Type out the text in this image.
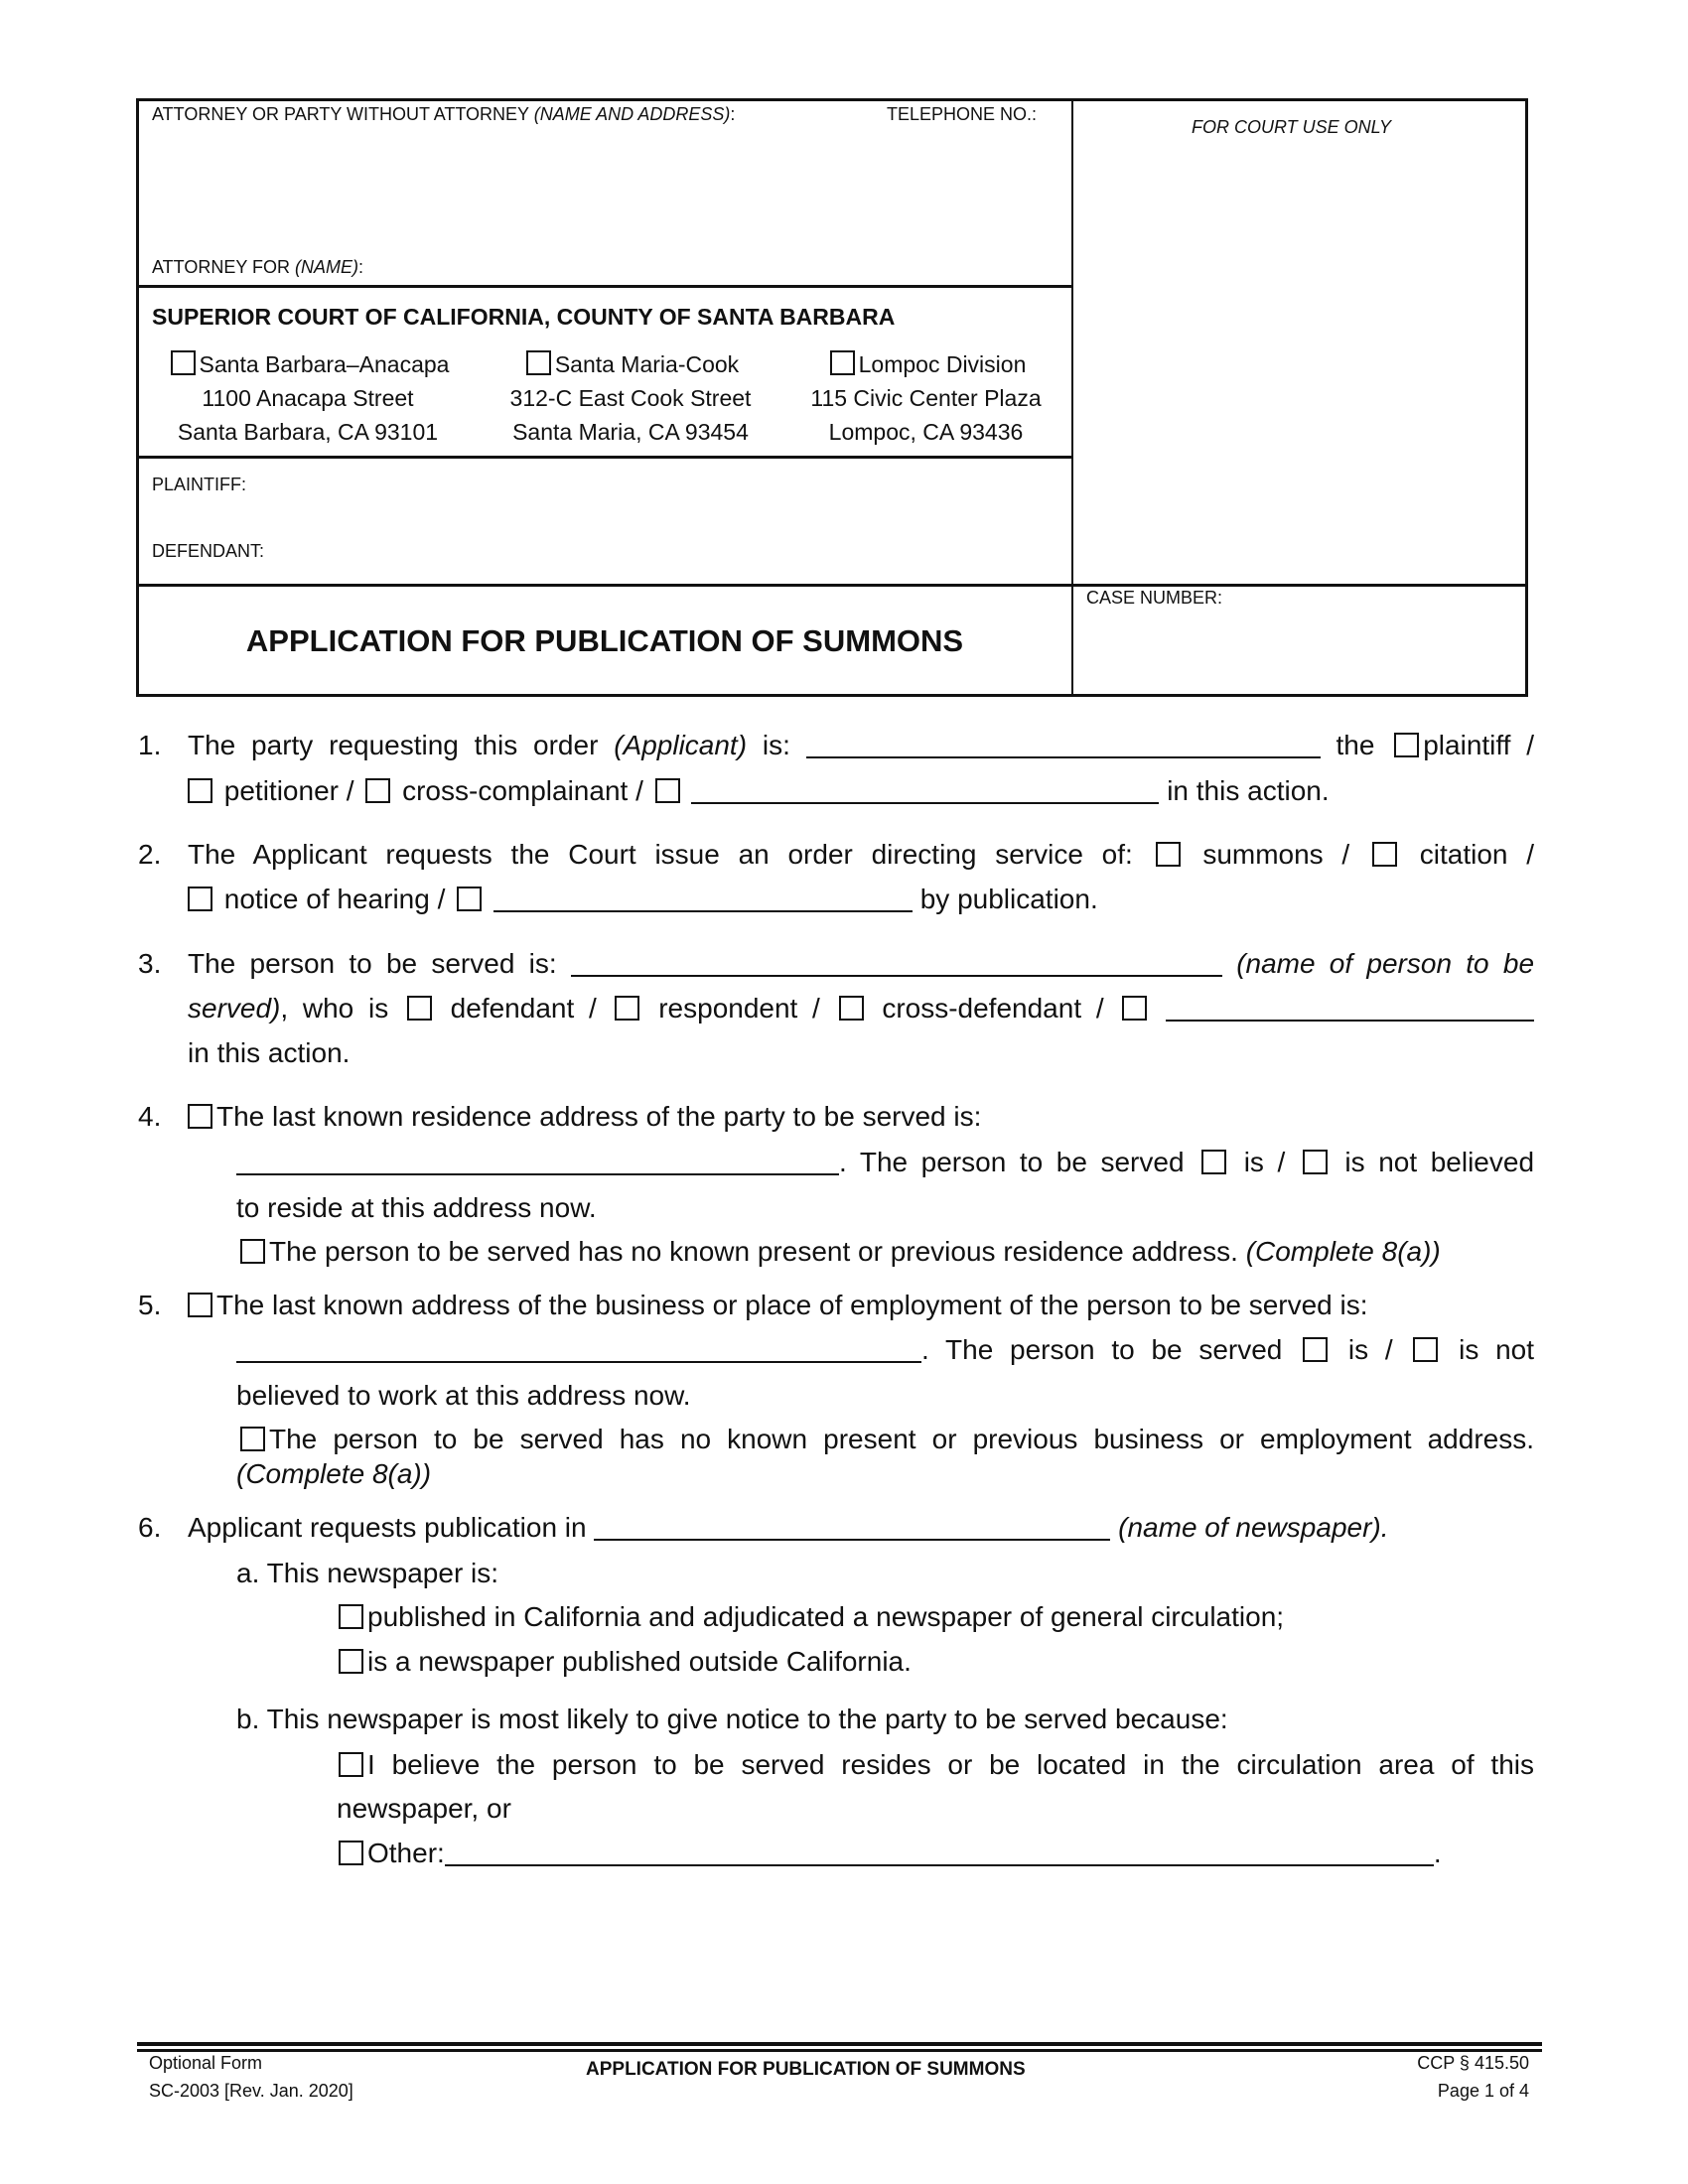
ATTORNEY OR PARTY WITHOUT ATTORNEY (NAME AND ADDRESS):	TELEPHONE NO.:
ATTORNEY FOR (NAME):
FOR COURT USE ONLY
SUPERIOR COURT OF CALIFORNIA, COUNTY OF SANTA BARBARA
Santa Barbara–Anacapa
1100 Anacapa Street
Santa Barbara, CA 93101
Santa Maria-Cook
312-C East Cook Street
Santa Maria, CA 93454
Lompoc Division
115 Civic Center Plaza
Lompoc, CA 93436
PLAINTIFF:
DEFENDANT:
CASE NUMBER:
APPLICATION FOR PUBLICATION OF SUMMONS
1. The party requesting this order (Applicant) is:	the plaintiff /
petitioner / cross-complainant /	in this action.
2. The Applicant requests the Court issue an order directing service of:	summons /	citation /
notice of hearing /	by publication.
3. The person to be served is:	(name of person to be
served), who is defendant / respondent / cross-defendant /
in this action.
4.	The last known residence address of the party to be served is:
. The person to be served is / is not believed
to reside at this address now.
The person to be served has no known present or previous residence address. (Complete 8(a))
5.	The last known address of the business or place of employment of the person to be served is:
. The person to be served is / is not
believed to work at this address now.
The person to be served has no known present or previous business or employment address.
(Complete 8(a))
6. Applicant requests publication in	(name of newspaper).
a. This newspaper is:
published in California and adjudicated a newspaper of general circulation;
is a newspaper published outside California.
b. This newspaper is most likely to give notice to the party to be served because:
I believe the person to be served resides or be located in the circulation area of this
newspaper, or
Other:	.
Optional Form
SC-2003 [Rev. Jan. 2020]
APPLICATION FOR PUBLICATION OF SUMMONS	CCP § 415.50
Page 1 of 4
